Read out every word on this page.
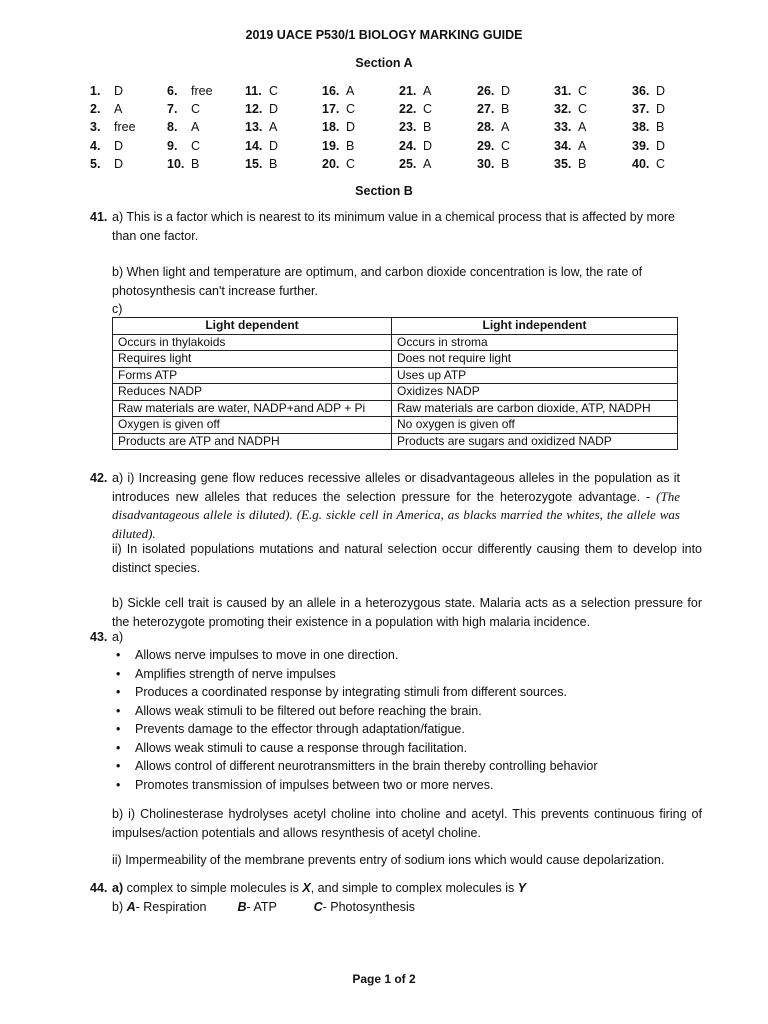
2019 UACE P530/1 BIOLOGY MARKING GUIDE
Section A
1. D	6. free	11. C	16. A	21. A	26. D	31. C	36. D
2. A	7. C	12. D	17. C	22. C	27. B	32. C	37. D
3. free	8. A	13. A	18. D	23. B	28. A	33. A	38. B
4. D	9. C	14. D	19. B	24. D	29. C	34. A	39. D
5. D	10. B	15. B	20. C	25. A	30. B	35. B	40. C
Section B
41. a) This is a factor which is nearest to its minimum value in a chemical process that is affected by more than one factor.
b) When light and temperature are optimum, and carbon dioxide concentration is low, the rate of photosynthesis can't increase further.
c)
Light dependent	Light independent
Occurs in thylakoids	Occurs in stroma
Requires light	Does not require light
Forms ATP	Uses up ATP
Reduces NADP	Oxidizes NADP
Raw materials are water, NADP+and ADP + Pi	Raw materials are carbon dioxide, ATP, NADPH
Oxygen is given off	No oxygen is given off
Products are ATP and NADPH	Products are sugars and oxidized NADP
42. a) i) Increasing gene flow reduces recessive alleles or disadvantageous alleles in the population as it introduces new alleles that reduces the selection pressure for the heterozygote advantage. - (The disadvantageous allele is diluted). (E.g. sickle cell in America, as blacks married the whites, the allele was diluted).
ii) In isolated populations mutations and natural selection occur differently causing them to develop into distinct species.
b) Sickle cell trait is caused by an allele in a heterozygous state. Malaria acts as a selection pressure for the heterozygote promoting their existence in a population with high malaria incidence.
43. a)
• Allows nerve impulses to move in one direction.
• Amplifies strength of nerve impulses
• Produces a coordinated response by integrating stimuli from different sources.
• Allows weak stimuli to be filtered out before reaching the brain.
• Prevents damage to the effector through adaptation/fatigue.
• Allows weak stimuli to cause a response through facilitation.
• Allows control of different neurotransmitters in the brain thereby controlling behavior
• Promotes transmission of impulses between two or more nerves.
b) i) Cholinesterase hydrolyses acetyl choline into choline and acetyl. This prevents continuous firing of impulses/action potentials and allows resynthesis of acetyl choline.
ii) Impermeability of the membrane prevents entry of sodium ions which would cause depolarization.
44. a) complex to simple molecules is X, and simple to complex molecules is Y
b) A- Respiration B- ATP	C- Photosynthesis
Page 1 of 2
